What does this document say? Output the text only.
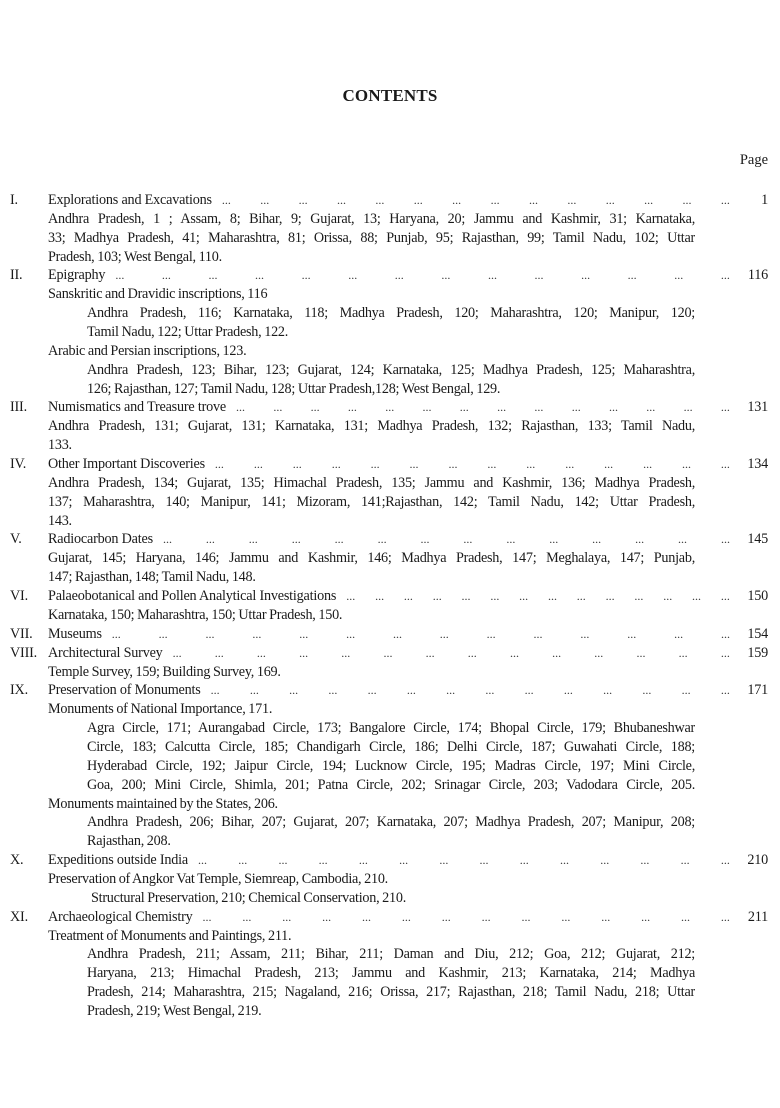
CONTENTS
Page
I.	Explorations and Excavations ... ... ... ... ... ... ... ... ... ... ... ... ... ...	1
Andhra Pradesh, 1 ; Assam, 8; Bihar, 9; Gujarat, 13; Haryana, 20; Jammu and Kashmir, 31; Karnataka,
33; Madhya Pradesh, 41; Maharashtra, 81; Orissa, 88; Punjab, 95; Rajasthan, 99; Tamil Nadu, 102; Uttar
Pradesh, 103; West Bengal, 110.
II.	Epigraphy ...	...	...	...	...	...	...	...	...	...	...	...	...	... 116
Sanskritic and Dravidic inscriptions, 116
Andhra Pradesh, 116; Karnataka, 118; Madhya Pradesh, 120; Maharashtra, 120; Manipur, 120;
Tamil Nadu, 122; Uttar Pradesh, 122.
Arabic and Persian inscriptions, 123.
Andhra Pradesh, 123; Bihar, 123; Gujarat, 124; Karnataka, 125; Madhya Pradesh, 125; Maharashtra,
126; Rajasthan, 127; Tamil Nadu, 128; Uttar Pradesh,128; West Bengal, 129.
III.	Numismatics and Treasure trove ... ... ... ... ... ... ... ... ... ... ... ... ... ... 131
Andhra Pradesh, 131; Gujarat, 131; Karnataka, 131; Madhya Pradesh, 132; Rajasthan, 133; Tamil Nadu,
133.
IV.	Other Important Discoveries ... ... ... ... ... ... ... ... ... ... ... ... ... ... 134
Andhra Pradesh, 134; Gujarat, 135; Himachal Pradesh, 135; Jammu and Kashmir, 136; Madhya Pradesh,
137; Maharashtra, 140; Manipur, 141; Mizoram, 141;Rajasthan, 142; Tamil Nadu, 142; Uttar Pradesh,
143.
V.	Radiocarbon Dates ...	...	...	...	...	...	...	...	...	...	...	...	...	... 145
Gujarat, 145; Haryana, 146; Jammu and Kashmir, 146; Madhya Pradesh, 147; Meghalaya, 147; Punjab,
147; Rajasthan, 148; Tamil Nadu, 148.
VI.	Palaeobotanical and Pollen Analytical Investigations ... ... ... ... ... ... ... ... ... ... ... ... ... ... 150
Karnataka, 150; Maharashtra, 150; Uttar Pradesh, 150.
VII.	Museums ...	...	...	...	...	...	...	...	...	...	...	...	...	... 154
VIII. Architectural Survey ...	...	...	...	...	...	...	...	...	...	...	...	...	... 159
Temple Survey, 159; Building Survey, 169.
IX.	Preservation of Monuments ...	...	...	...	...	...	...	...	...	...	...	...	...	... 171
Monuments of National Importance, 171.
Agra Circle, 171; Aurangabad Circle, 173; Bangalore Circle, 174; Bhopal Circle, 179; Bhubaneshwar
Circle, 183; Calcutta Circle, 185; Chandigarh Circle, 186; Delhi Circle, 187; Guwahati Circle, 188;
Hyderabad Circle, 192; Jaipur Circle, 194; Lucknow Circle, 195; Madras Circle, 197; Mini Circle,
Goa, 200; Mini Circle, Shimla, 201; Patna Circle, 202; Srinagar Circle, 203; Vadodara Circle, 205.
Monuments maintained by the States, 206.
Andhra Pradesh, 206; Bihar, 207; Gujarat, 207; Karnataka, 207; Madhya Pradesh, 207; Manipur, 208;
Rajasthan, 208.
X.	Expeditions outside India ...	...	...	...	...	...	...	...	...	...	...	...	...	... 210
Preservation of Angkor Vat Temple, Siemreap, Cambodia, 210.
Structural Preservation, 210; Chemical Conservation, 210.
XI.	Archaeological Chemistry ...	...	...	...	...	...	...	...	...	...	...	...	...	... 211
Treatment of Monuments and Paintings, 211.
Andhra Pradesh, 211; Assam, 211; Bihar, 211; Daman and Diu, 212; Goa, 212; Gujarat, 212;
Haryana, 213; Himachal Pradesh, 213; Jammu and Kashmir, 213; Karnataka, 214; Madhya
Pradesh, 214; Maharashtra, 215; Nagaland, 216; Orissa, 217; Rajasthan, 218; Tamil Nadu, 218; Uttar
Pradesh, 219; West Bengal, 219.
